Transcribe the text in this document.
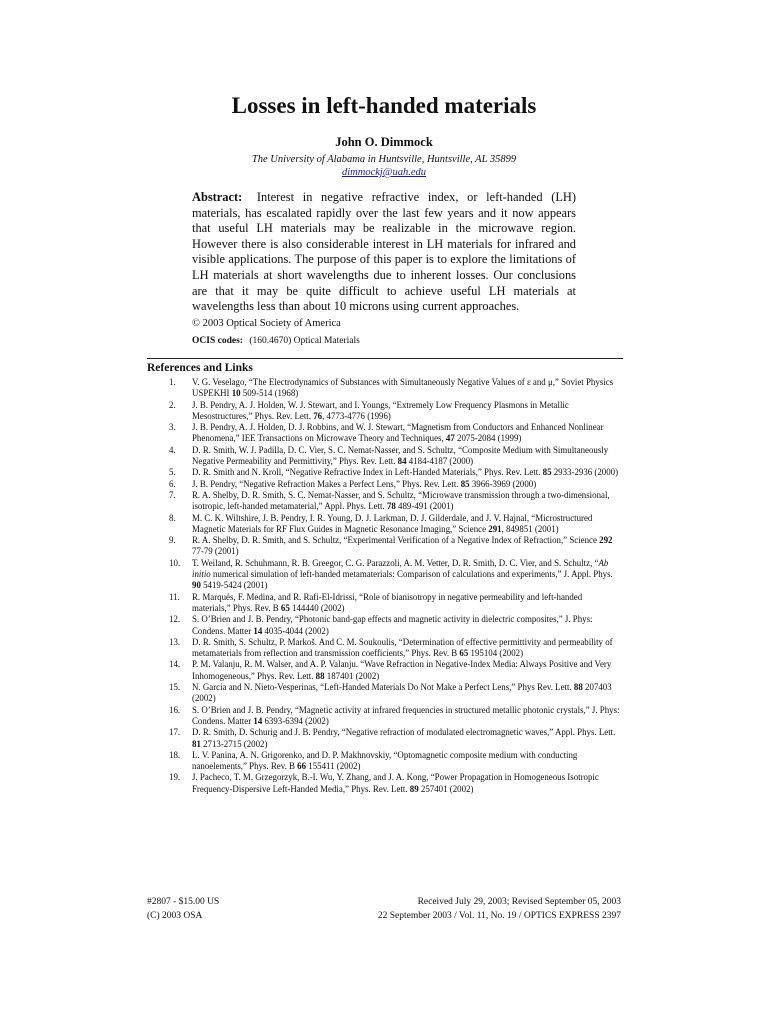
Losses in left-handed materials
John O. Dimmock
The University of Alabama in Huntsville, Huntsville, AL 35899
dimmockj@uah.edu
Abstract: Interest in negative refractive index, or left-handed (LH) materials, has escalated rapidly over the last few years and it now appears that useful LH materials may be realizable in the microwave region. However there is also considerable interest in LH materials for infrared and visible applications. The purpose of this paper is to explore the limitations of LH materials at short wavelengths due to inherent losses. Our conclusions are that it may be quite difficult to achieve useful LH materials at wavelengths less than about 10 microns using current approaches.
© 2003 Optical Society of America
OCIS codes: (160.4670) Optical Materials
References and Links
1.	V. G. Veselago, “The Electrodynamics of Substances with Simultaneously Negative Values of ε and μ,” Soviet Physics USPEKHI 10 509-514 (1968)
2.	J. B. Pendry, A. J. Holden, W. J. Stewart, and I. Youngs, “Extremely Low Frequency Plasmons in Metallic Mesostructures,” Phys. Rev. Lett. 76, 4773-4776 (1996)
3.	J. B. Pendry, A. J. Holden, D. J. Robbins, and W. J. Stewart, “Magnetism from Conductors and Enhanced Nonlinear Phenomena,” IEE Transactions on Microwave Theory and Techniques, 47 2075-2084 (1999)
4.	D. R. Smith, W. J. Padilla, D. C. Vier, S. C. Nemat-Nasser, and S. Schultz, “Composite Medium with Simultaneously Negative Permeability and Permittivity,” Phys. Rev. Lett. 84 4184-4187 (2000)
5.	D. R. Smith and N. Kroll, “Negative Refractive Index in Left-Handed Materials,” Phys. Rev. Lett. 85 2933-2936 (2000)
6.	J. B. Pendry, “Negative Refraction Makes a Perfect Lens,” Phys. Rev. Lett. 85 3966-3969 (2000)
7.	R. A. Shelby, D. R. Smith, S. C. Nemat-Nasser, and S. Schultz, “Microwave transmission through a two-dimensional, isotropic, left-handed metamaterial,” Appl. Phys. Lett. 78 489-491 (2001)
8.	M. C. K. Wiltshire, J. B. Pendry, I. R. Young, D. J. Larkman, D. J. Gilderdale, and J. V. Hajnal, “Microstructured Magnetic Materials for RF Flux Guides in Magnetic Resonance Imaging,” Science 291, 849851 (2001)
9.	R. A. Shelby, D. R. Smith, and S. Schultz, “Experimental Verification of a Negative Index of Refraction,” Science 292 77-79 (2001)
10.	T. Weiland, R. Schuhmann, R. B. Greegor, C. G. Parazzoli, A. M. Vetter, D. R. Smith, D. C. Vier, and S. Schultz, “Ab initio numerical simulation of left-handed metamaterials: Comparison of calculations and experiments,” J. Appl. Phys. 90 5419-5424 (2001)
11.	R. Marqués, F. Medina, and R. Rafi-El-Idrissi, “Role of bianisotropy in negative permeability and left-handed materials,” Phys. Rev. B 65 144440 (2002)
12.	S. O’Brien and J. B. Pendry, “Photonic band-gap effects and magnetic activity in dielectric composites,” J. Phys: Condens. Matter 14 4035-4044 (2002)
13.	D. R. Smith, S. Schultz, P. Markoš. And C. M. Soukoulis, “Determination of effective permittivity and permeability of metamaterials from reflection and transmission coefficients,” Phys. Rev. B 65 195104 (2002)
14.	P. M. Valanju, R. M. Walser, and A. P. Valanju. “Wave Refraction in Negative-Index Media: Always Positive and Very Inhomogeneous,” Phys. Rev. Lett. 88 187401 (2002)
15.	N. Garcia and N. Nieto-Vesperinas, “Left-Handed Materials Do Not Make a Perfect Lens,” Phys Rev. Lett. 88 207403 (2002)
16.	S. O’Brien and J. B. Pendry, “Magnetic activity at infrared frequencies in structured metallic photonic crystals,” J. Phys: Condens. Matter 14 6393-6394 (2002)
17.	D. R. Smith, D. Schurig and J. B. Pendry, “Negative refraction of modulated electromagnetic waves,” Appl. Phys. Lett. 81 2713-2715 (2002)
18.	L. V. Panina, A. N. Grigorenko, and D. P. Makhnovskiy, “Optomagnetic composite medium with conducting nanoelements,” Phys. Rev. B 66 155411 (2002)
19.	J. Pacheco, T. M. Grzegorzyk, B.-I. Wu, Y. Zhang, and J. A. Kong, “Power Propagation in Homogeneous Isotropic Frequency-Dispersive Left-Handed Media,” Phys. Rev. Lett. 89 257401 (2002)
#2807 - $15.00 US
(C) 2003 OSA
Received July 29, 2003; Revised September 05, 2003
22 September 2003 / Vol. 11, No. 19 / OPTICS EXPRESS 2397
